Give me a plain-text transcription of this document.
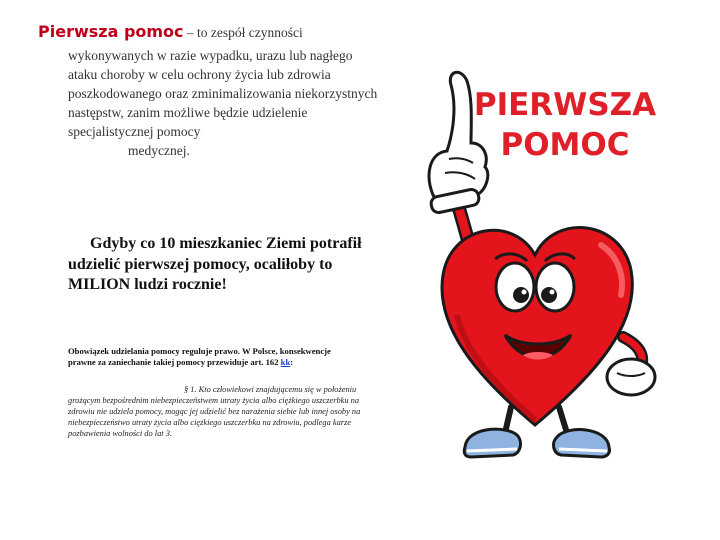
Pierwsza pomoc – to zespół czynności
wykonywanych w razie wypadku, urazu lub nagłego ataku choroby w celu ochrony życia lub zdrowia poszkodowanego oraz zminimalizowania niekorzystnych następstw, zanim możliwe będzie udzielenie specjalistycznej pomocy
medycznej.
Gdyby co 10 mieszkaniec Ziemi potrafił udzielić pierwszej pomocy, ocaliłoby to MILION ludzi rocznie!
Obowiązek udzielania pomocy reguluje prawo. W Polsce, konsekwencje prawne za zaniechanie takiej pomocy przewiduje art. 162 kk:
§ 1. Kto człowiekowi znajdującemu się w położeniu
grożącym bezpośrednim niebezpieczeństwem utraty życia albo ciężkiego uszczerbku na zdrowiu nie udziela pomocy, mogąc jej udzielić bez narażenia siebie lub innej osoby na niebezpieczeństwo utraty życia albo ciężkiego uszczerbku na zdrowiu, podlega karze pozbawienia wolności do lat 3.
PIERWSZA
POMOC
